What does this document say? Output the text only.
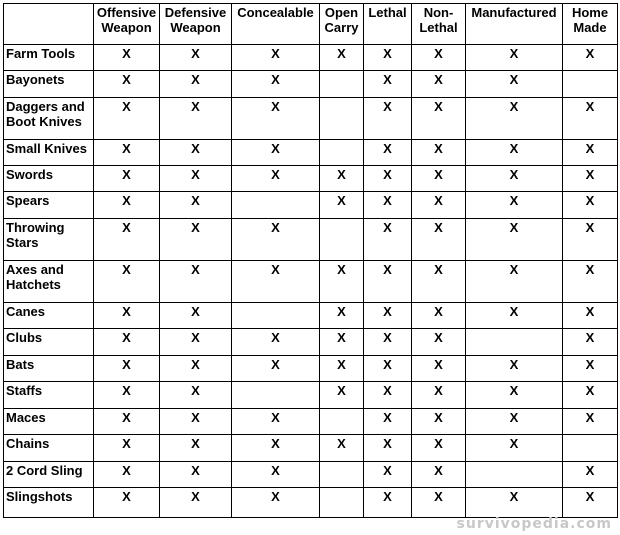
	Offensive Weapon	Defensive Weapon	Concealable	Open Carry	Lethal	Non-Lethal	Manufactured	Home Made
Farm Tools	X	X	X	X	X	X	X	X
Bayonets	X	X	X		X	X	X	
Daggers and Boot Knives	X	X	X		X	X	X	X
Small Knives	X	X	X		X	X	X	X
Swords	X	X	X	X	X	X	X	X
Spears	X	X		X	X	X	X	X
Throwing Stars	X	X	X		X	X	X	X
Axes and Hatchets	X	X	X	X	X	X	X	X
Canes	X	X		X	X	X	X	X
Clubs	X	X	X	X	X	X		X
Bats	X	X	X	X	X	X	X	X
Staffs	X	X		X	X	X	X	X
Maces	X	X	X		X	X	X	X
Chains	X	X	X	X	X	X	X	
2 Cord Sling	X	X	X		X	X		X
Slingshots	X	X	X		X	X	X	X
survivopedia.com
